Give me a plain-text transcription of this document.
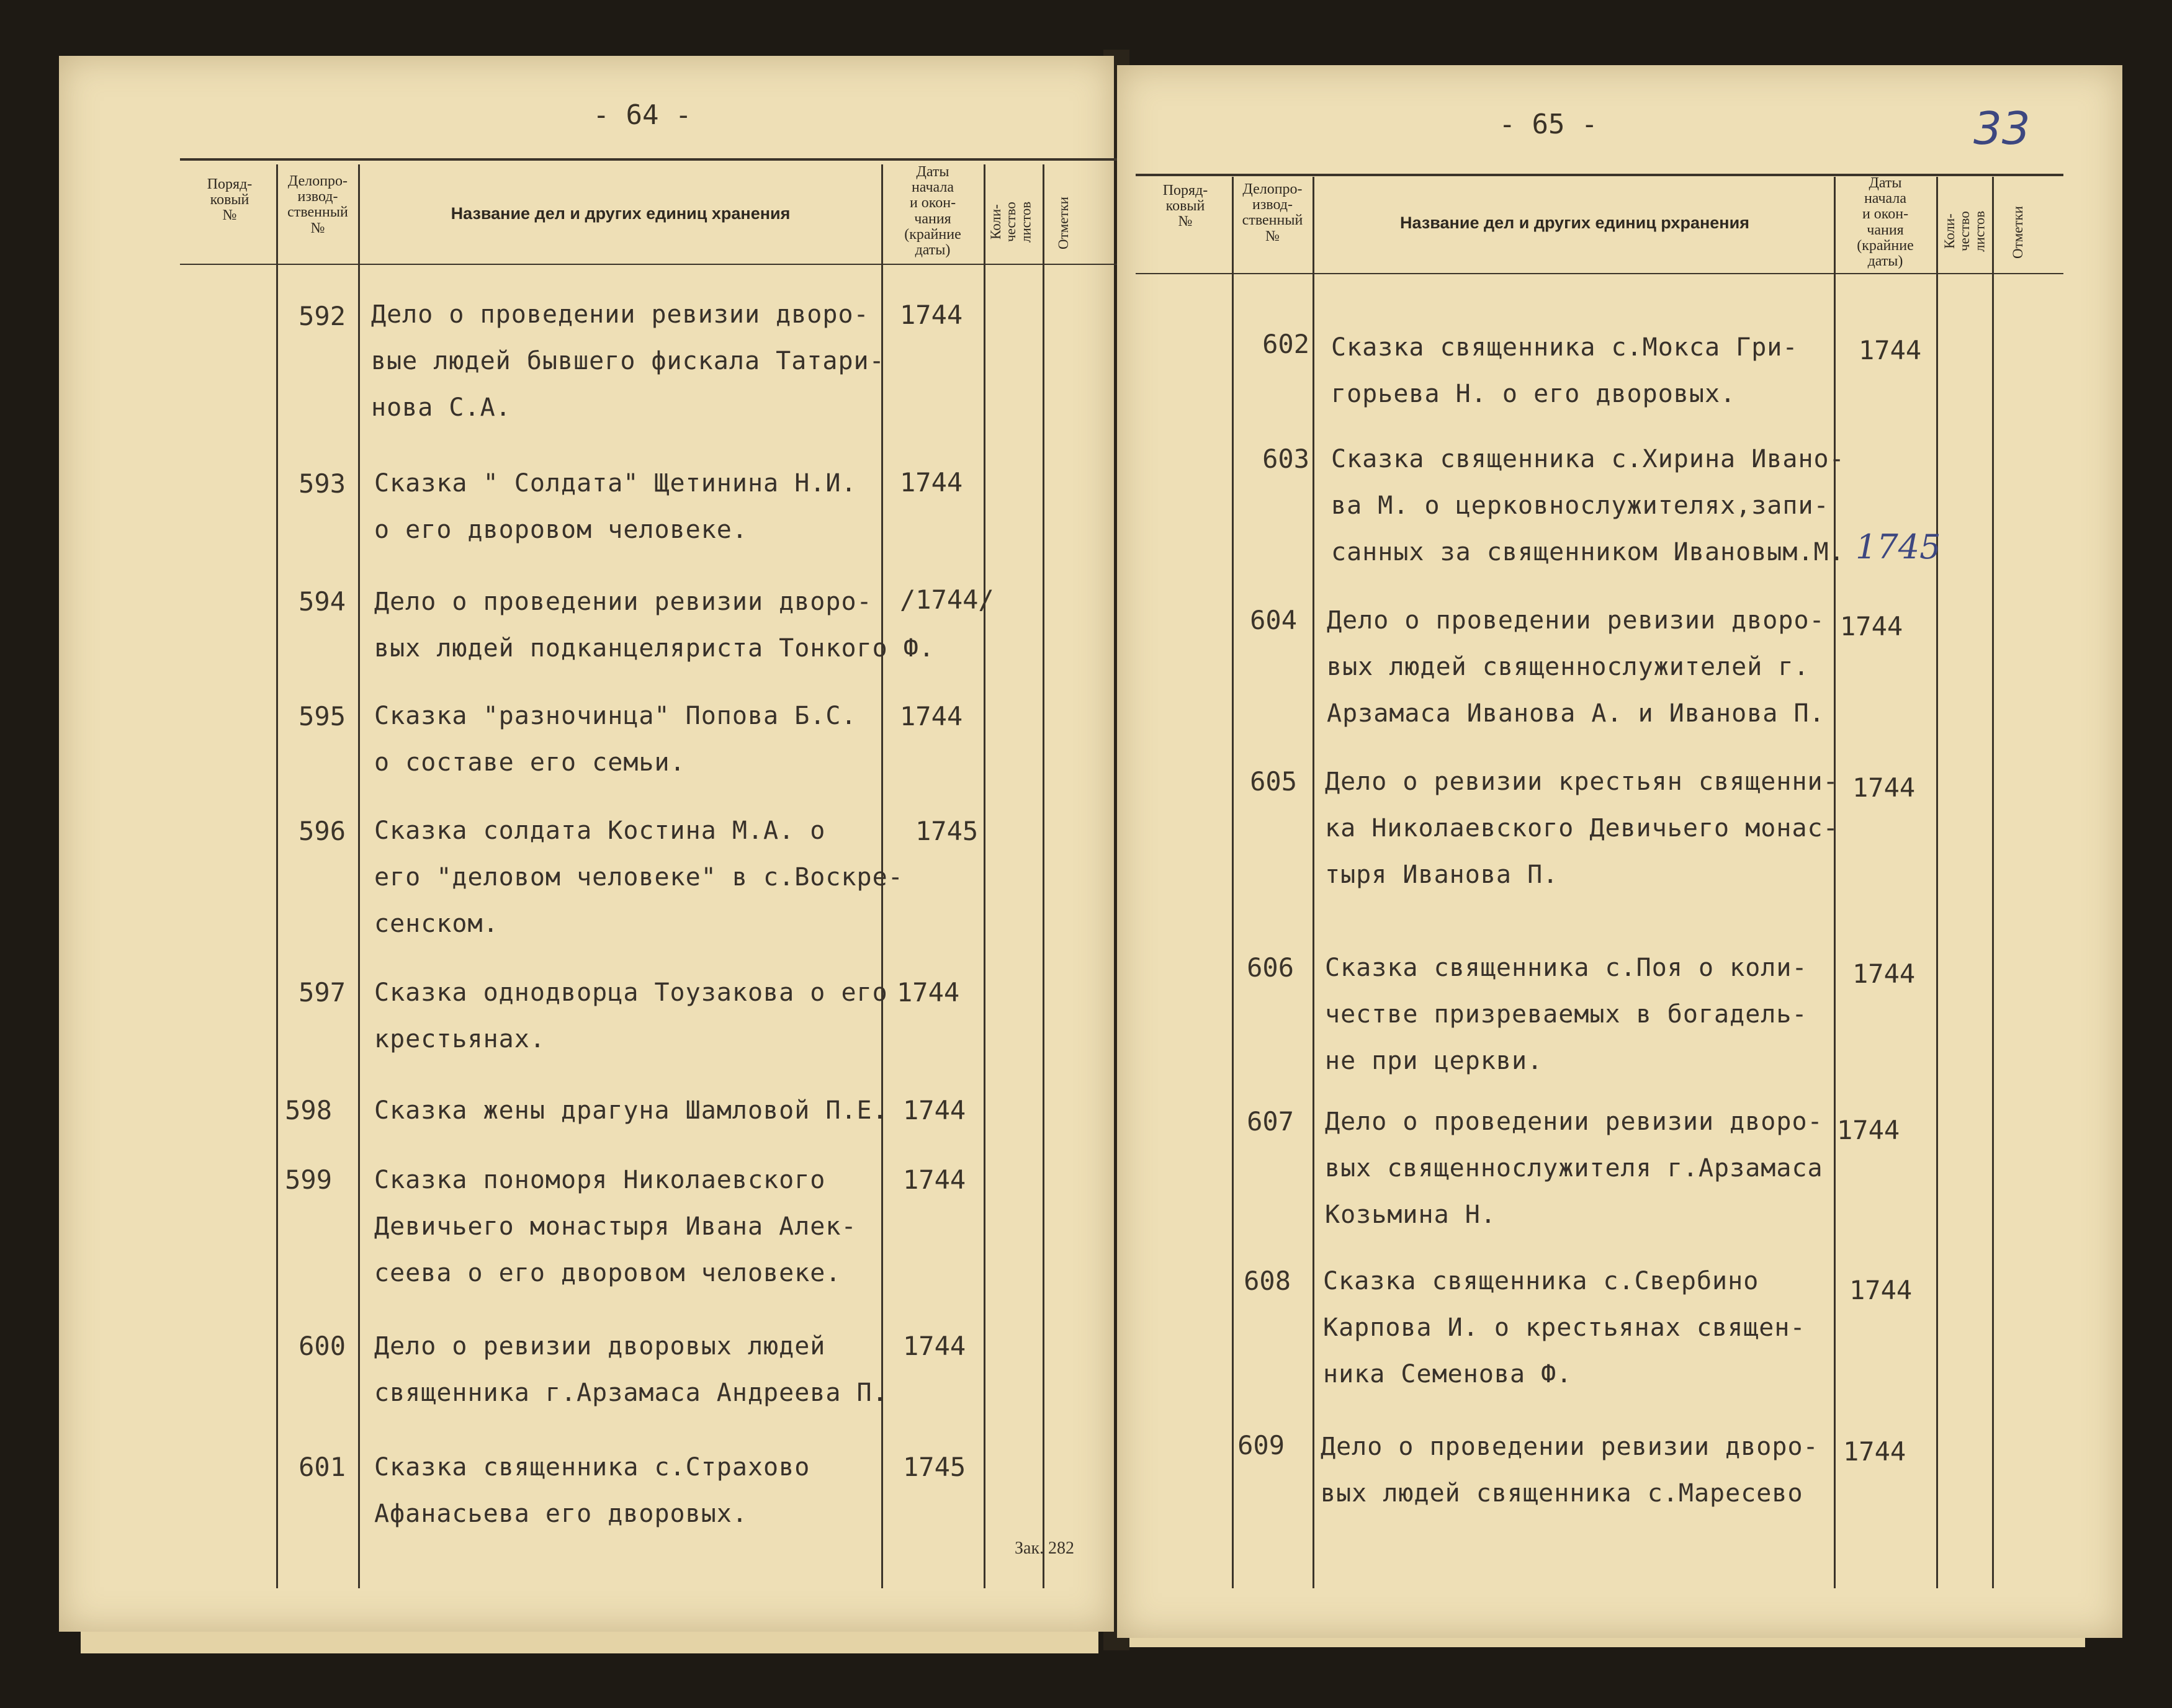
- 64 -
Поряд-
ковый
№
Делопро-
извод-
ственный
№
Название дел и других единиц хранения
Даты
начала
и окон-
чания
(крайние
даты)
Коли-
чество
листов Отметки
592 Дело о проведении ревизии дворо-
вые людей бывшего фискала Татари-
нова С.А.
1744
593 Сказка " Солдата" Щетинина Н.И.
о его дворовом человеке.
1744
594 Дело о проведении ревизии дворо-
вых людей подканцеляриста Тонкого Ф.
/1744/
595 Сказка "разночинца" Попова Б.С.
о составе его семьи.
1744
596 Сказка солдата Костина М.А. о
его "деловом человеке" в с.Воскре-
сенском.
1745
597 Сказка однодворца Тоузакова о его
крестьянах.
1744
598 Сказка жены драгуна Шамловой П.Е. 1744
599 Сказка пономоря Николаевского
Девичьего монастыря Ивана Алек-
сеева о его дворовом человеке.
1744
600 Дело о ревизии дворовых людей
священника г.Арзамаса Андреева П.
1744
601 Сказка священника с.Страхово
Афанасьева его дворовых.
1745
Зак. 282
- 65 -	33
Поряд-
ковый
№
Делопро-
извод-
ственный
№
Название дел и других единиц рхранения
Даты
начала
и окон-
чания
(крайние
даты)
Коли-
чество
листов Отметки
602 Сказка священника с.Мокса Гри-
горьева Н. о его дворовых.
1744
603 Сказка священника с.Хирина Ивано-
ва М. о церковнослужителях,запи-
санных за священником Ивановым.М. 1745
604 Дело о проведении ревизии дворо-
вых людей священнослужителей г.
Арзамаса Иванова А. и Иванова П.
1744
605 Дело о ревизии крестьян священни-
ка Николаевского Девичьего монас-
тыря Иванова П.
1744
606 Сказка священника с.Поя о коли-
честве призреваемых в богадель-
не при церкви.
1744
607 Дело о проведении ревизии дворо-
вых священнослужителя г.Арзамаса
Козьмина Н.
1744
608 Сказка священника с.Свербино
Карпова И. о крестьянах священ-
ника Семенова Ф.
1744
609 Дело о проведении ревизии дворо-
вых людей священника с.Маресево
1744
